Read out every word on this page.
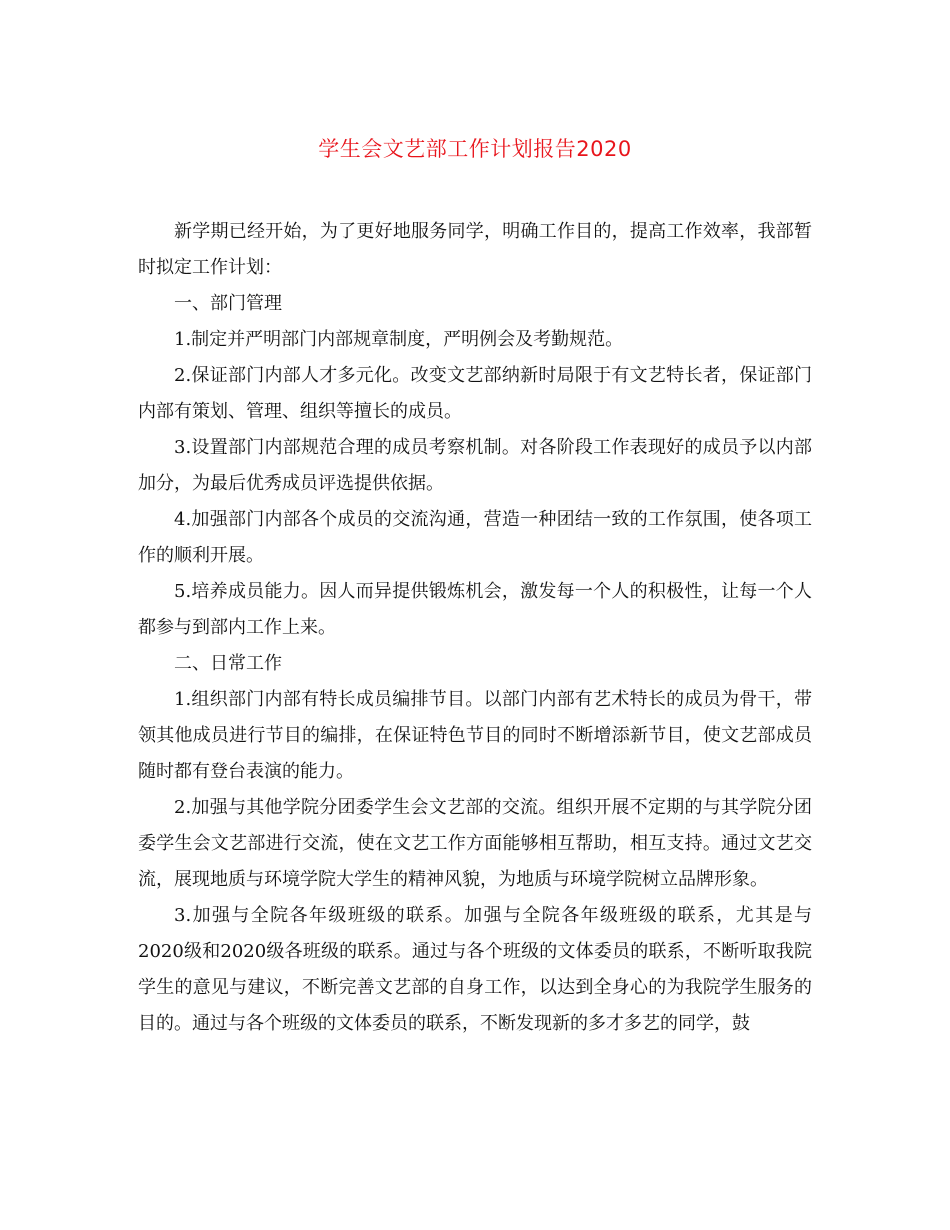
学生会文艺部工作计划报告2020

新学期已经开始，为了更好地服务同学，明确工作目的，提高工作效率，我部暂时拟定工作计划：

一、部门管理

1.制定并严明部门内部规章制度，严明例会及考勤规范。

2.保证部门内部人才多元化。改变文艺部纳新时局限于有文艺特长者，保证部门内部有策划、管理、组织等擅长的成员。

3.设置部门内部规范合理的成员考察机制。对各阶段工作表现好的成员予以内部加分，为最后优秀成员评选提供依据。

4.加强部门内部各个成员的交流沟通，营造一种团结一致的工作氛围，使各项工作的顺利开展。

5.培养成员能力。因人而异提供锻炼机会，激发每一个人的积极性，让每一个人都参与到部内工作上来。

二、日常工作

1.组织部门内部有特长成员编排节目。以部门内部有艺术特长的成员为骨干，带领其他成员进行节目的编排，在保证特色节目的同时不断增添新节目，使文艺部成员随时都有登台表演的能力。

2.加强与其他学院分团委学生会文艺部的交流。组织开展不定期的与其学院分团委学生会文艺部进行交流，使在文艺工作方面能够相互帮助，相互支持。通过文艺交流，展现地质与环境学院大学生的精神风貌，为地质与环境学院树立品牌形象。

3.加强与全院各年级班级的联系。加强与全院各年级班级的联系，尤其是与2020级和2020级各班级的联系。通过与各个班级的文体委员的联系，不断听取我院学生的意见与建议，不断完善文艺部的自身工作，以达到全身心的为我院学生服务的目的。通过与各个班级的文体委员的联系，不断发现新的多才多艺的同学，鼓
